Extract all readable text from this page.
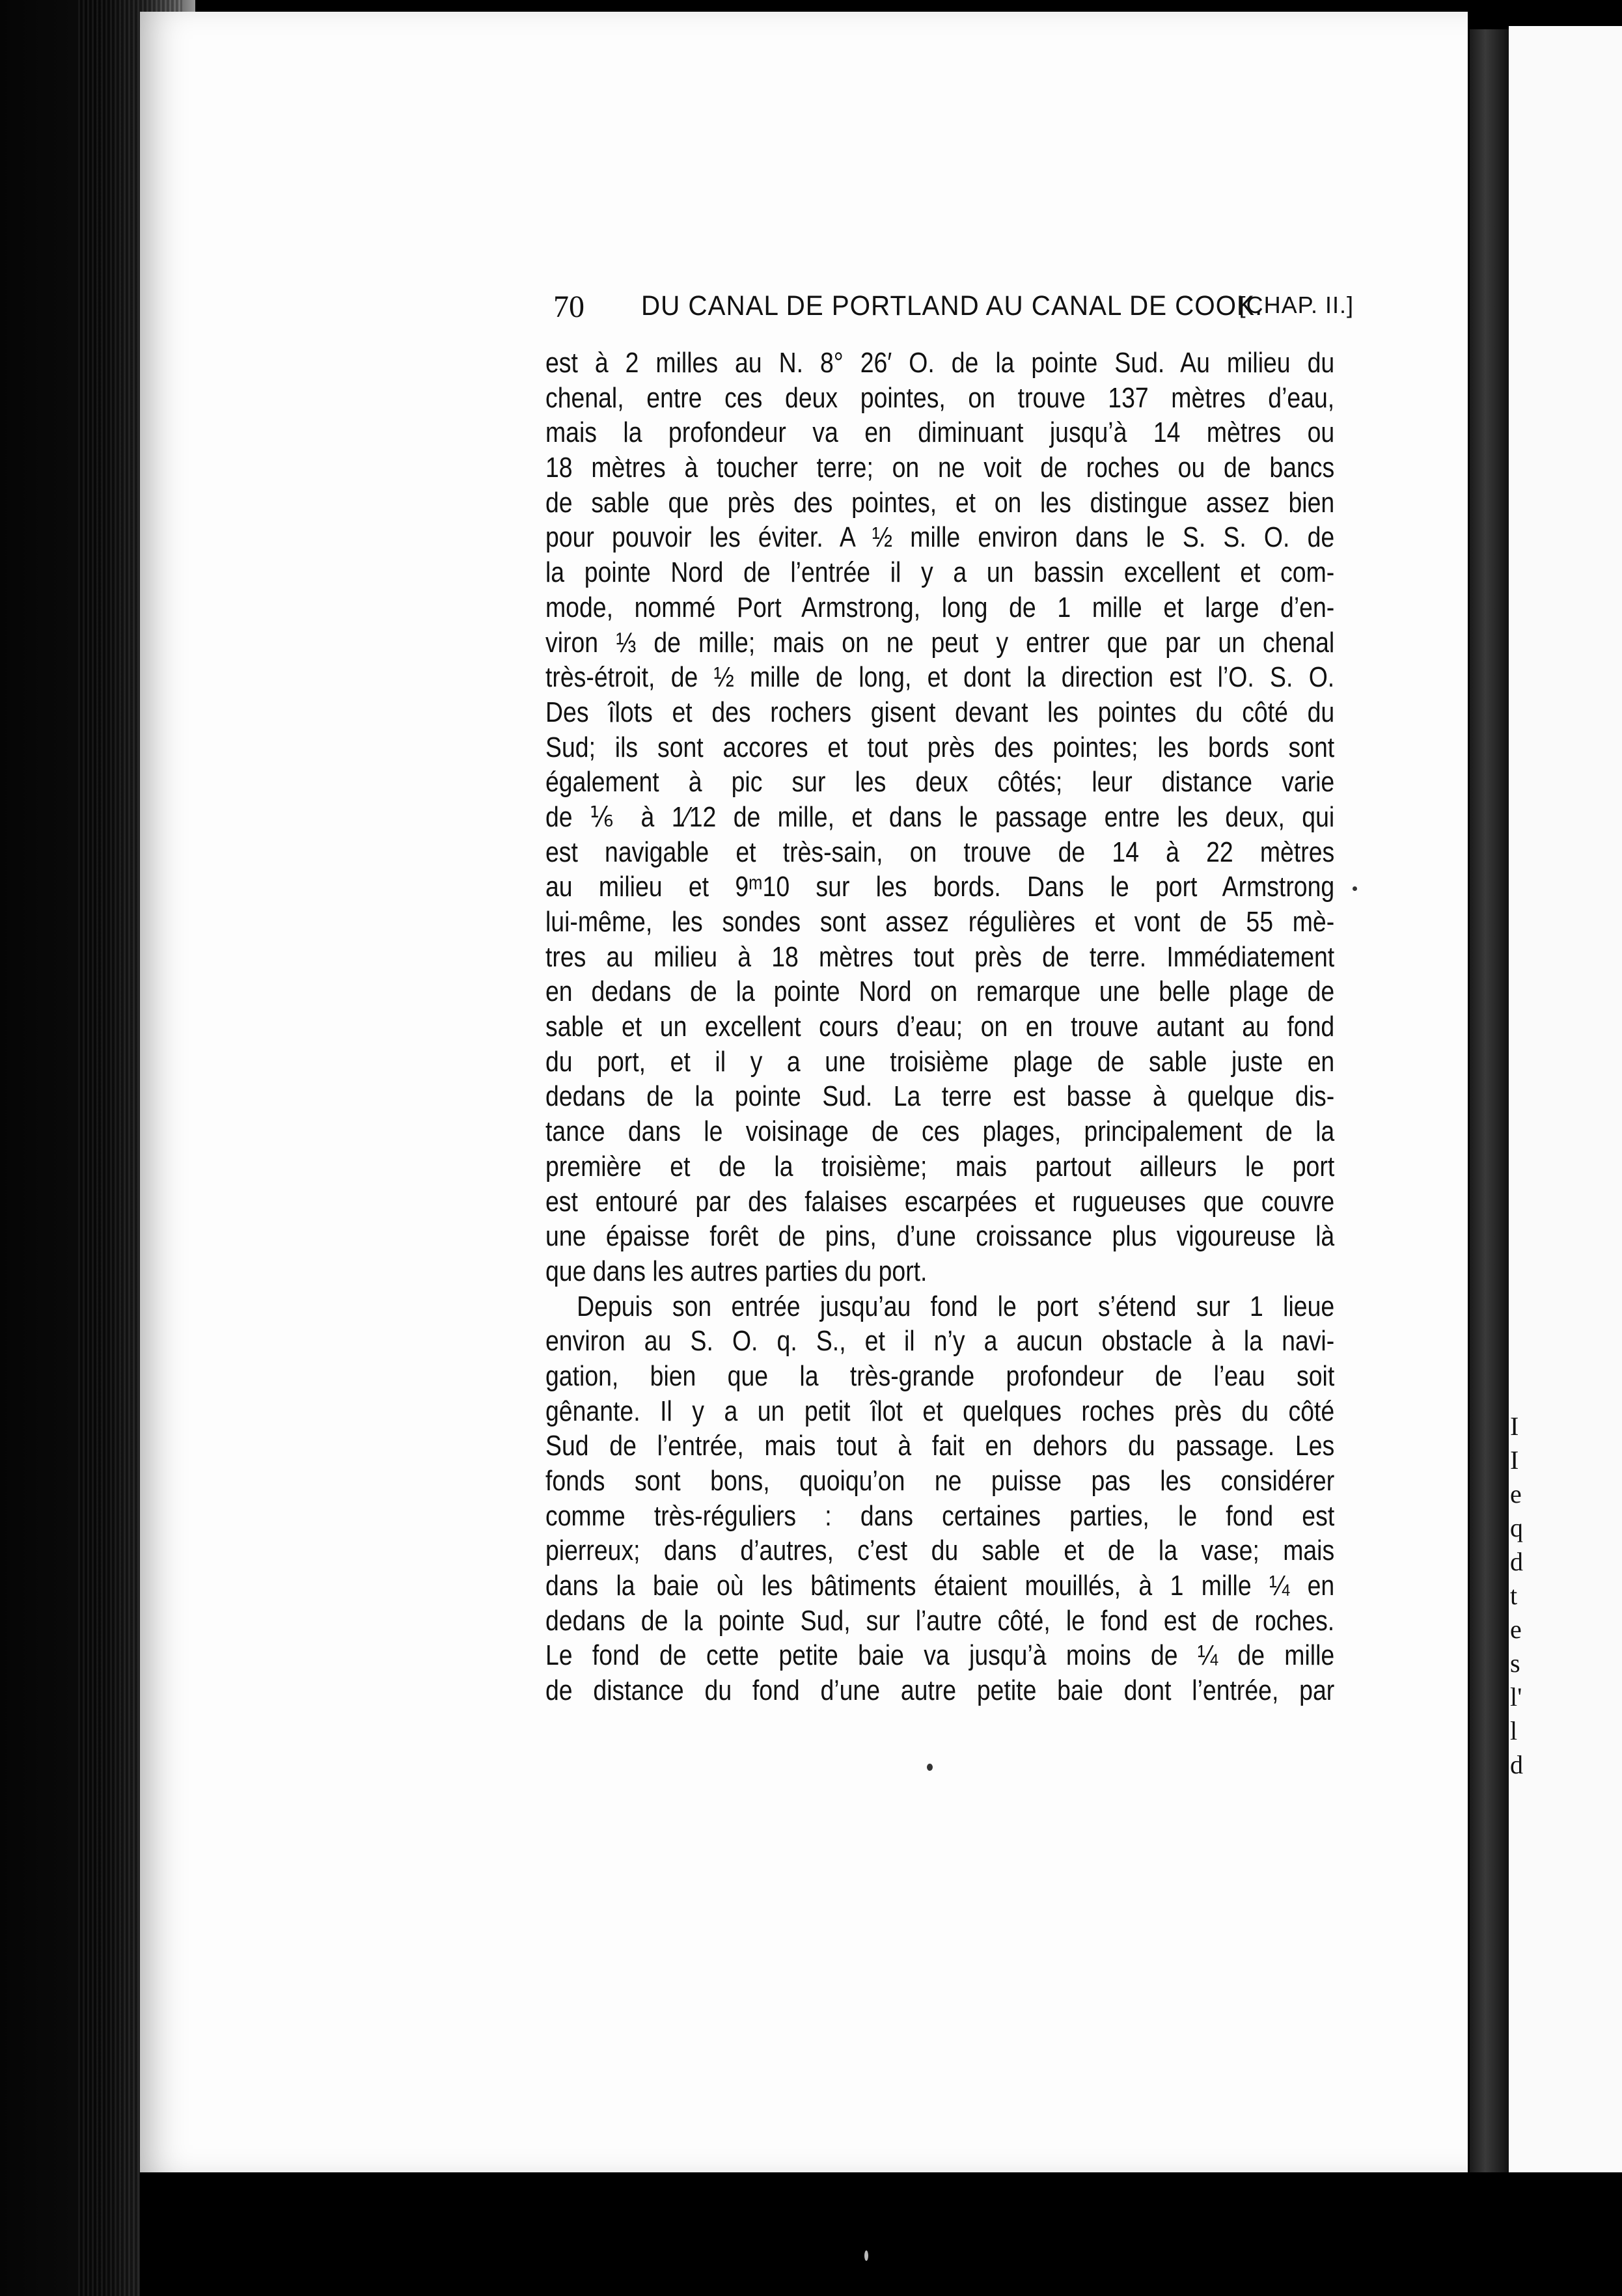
I
I
e
q
d
t
e
s
l'
l
d
70 DU CANAL DE PORTLAND AU CANAL DE COOK.
[CHAP. II.]
est à 2 milles au N. 8° 26′ O. de la pointe Sud. Au milieu du
chenal, entre ces deux pointes, on trouve 137 mètres d’eau,
mais la profondeur va en diminuant jusqu’à 14 mètres ou
18 mètres à toucher terre; on ne voit de roches ou de bancs
de sable que près des pointes, et on les distingue assez bien
pour pouvoir les éviter. A ½ mille environ dans le S. S. O. de
la pointe Nord de l’entrée il y a un bassin excellent et com-
mode, nommé Port Armstrong, long de 1 mille et large d’en-
viron ⅓ de mille; mais on ne peut y entrer que par un chenal
très-étroit, de ½ mille de long, et dont la direction est l’O. S. O.
Des îlots et des rochers gisent devant les pointes du côté du
Sud; ils sont accores et tout près des pointes; les bords sont
également à pic sur les deux côtés; leur distance varie
de ⅙ à 1⁄12 de mille, et dans le passage entre les deux, qui
est navigable et très-sain, on trouve de 14 à 22 mètres
au milieu et 9ᵐ10 sur les bords. Dans le port Armstrong
lui-même, les sondes sont assez régulières et vont de 55 mè-
tres au milieu à 18 mètres tout près de terre. Immédiatement
en dedans de la pointe Nord on remarque une belle plage de
sable et un excellent cours d’eau; on en trouve autant au fond
du port, et il y a une troisième plage de sable juste en
dedans de la pointe Sud. La terre est basse à quelque dis-
tance dans le voisinage de ces plages, principalement de la
première et de la troisième; mais partout ailleurs le port
est entouré par des falaises escarpées et rugueuses que couvre
une épaisse forêt de pins, d’une croissance plus vigoureuse là
que dans les autres parties du port.
Depuis son entrée jusqu’au fond le port s’étend sur 1 lieue
environ au S. O. q. S., et il n’y a aucun obstacle à la navi-
gation, bien que la très-grande profondeur de l’eau soit
gênante. Il y a un petit îlot et quelques roches près du côté
Sud de l’entrée, mais tout à fait en dehors du passage. Les
fonds sont bons, quoiqu’on ne puisse pas les considérer
comme très-réguliers : dans certaines parties, le fond est
pierreux; dans d’autres, c’est du sable et de la vase; mais
dans la baie où les bâtiments étaient mouillés, à 1 mille ¼ en
dedans de la pointe Sud, sur l’autre côté, le fond est de roches.
Le fond de cette petite baie va jusqu’à moins de ¼ de mille
de distance du fond d’une autre petite baie dont l’entrée, par
